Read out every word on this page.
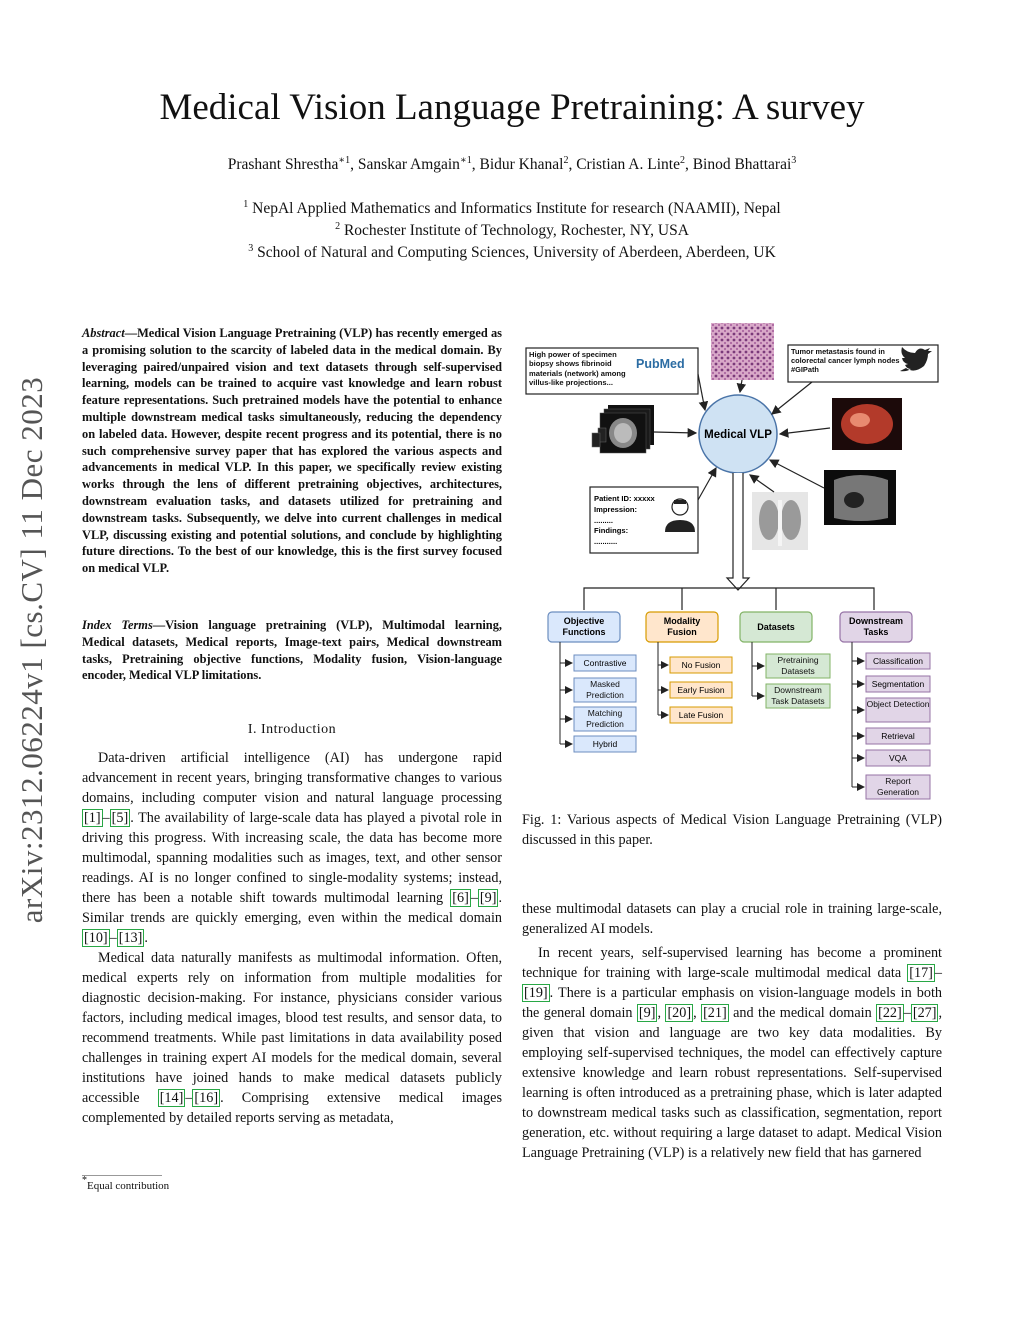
arXiv:2312.06224v1 [cs.CV] 11 Dec 2023
Medical Vision Language Pretraining: A survey
Prashant Shrestha$^{∗1}$, Sanskar Amgain$^{∗1}$, Bidur Khanal$^2$, Cristian A. Linte$^2$, Binod Bhattarai$^3$
$^1$ NepAl Applied Mathematics and Informatics Institute for research (NAAMII), Nepal
$^2$ Rochester Institute of Technology, Rochester, NY, USA
$^3$ School of Natural and Computing Sciences, University of Aberdeen, Aberdeen, UK
Abstract—Medical Vision Language Pretraining (VLP) has recently emerged as a promising solution to the scarcity of labeled data in the medical domain. By leveraging paired/unpaired vision and text datasets through self-supervised learning, models can be trained to acquire vast knowledge and learn robust feature representations. Such pretrained models have the potential to enhance multiple downstream medical tasks simultaneously, reducing the dependency on labeled data. However, despite recent progress and its potential, there is no such comprehensive survey paper that has explored the various aspects and advancements in medical VLP. In this paper, we specifically review existing works through the lens of different pretraining objectives, architectures, downstream evaluation tasks, and datasets utilized for pretraining and downstream tasks. Subsequently, we delve into current challenges in medical VLP, discussing existing and potential solutions, and conclude by highlighting future directions. To the best of our knowledge, this is the first survey focused on medical VLP.
Index Terms—Vision language pretraining (VLP), Multimodal learning, Medical datasets, Medical reports, Image-text pairs, Medical downstream tasks, Pretraining objective functions, Modality fusion, Vision-language encoder, Medical VLP limitations.
I. Introduction

Data-driven artificial intelligence (AI) has undergone rapid advancement in recent years, bringing transformative changes to various domains, including computer vision and natural language processing [1] – [5] . The availability of large-scale data has played a pivotal role in driving this progress. With increasing scale, the data has become more multimodal, spanning modalities such as images, text, and other sensor readings. AI is no longer confined to single-modality systems; instead, there has been a notable shift towards multimodal learning [6] – [9] . Similar trends are quickly emerging, even within the medical domain [10] – [13] .

Medical data naturally manifests as multimodal information. Often, medical experts rely on information from multiple modalities for diagnostic decision-making. For instance, physicians consider various factors, including medical images, blood test results, and sensor data, to recommend treatments. While past limitations in data availability posed challenges in training expert AI models for the medical domain, several institutions have joined hands to make medical datasets publicly accessible [14] – [16] . Comprising extensive medical images complemented by detailed reports serving as metadata,

*Equal contribution
High power of specimen biopsy shows fibrinoid materials (network) among villus-like projections...
PubMed
Tumor metastasis found in colorectal cancer lymph nodes #GIPath
Patient ID: xxxxx
Impression:
.........
Findings:
...........
Medical VLP
Objective
Functions
Contrastive
Masked Prediction
Matching Prediction
Hybrid
Modality
Fusion
No Fusion
Early Fusion
Late Fusion
Datasets
Pretraining Datasets
Downstream Task Datasets
Downstream
Tasks
Classification
Segmentation
Object Detection
Retrieval
VQA
Report Generation
Fig. 1: Various aspects of Medical Vision Language Pretraining (VLP) discussed in this paper.

these multimodal datasets can play a crucial role in training large-scale, generalized AI models.

In recent years, self-supervised learning has become a prominent technique for training with large-scale multimodal medical data [17] –[19] . There is a particular emphasis on vision-language models in both the general domain [9] , [20] , [21] and the medical domain [22] – [27] , given that vision and language are two key data modalities. By employing self-supervised techniques, the model can effectively capture extensive knowledge and learn robust representations. Self-supervised learning is often introduced as a pretraining phase, which is later adapted to downstream medical tasks such as classification, segmentation, report generation, etc. without requiring a large dataset to adapt. Medical Vision Language Pretraining (VLP) is a relatively new field that has garnered
